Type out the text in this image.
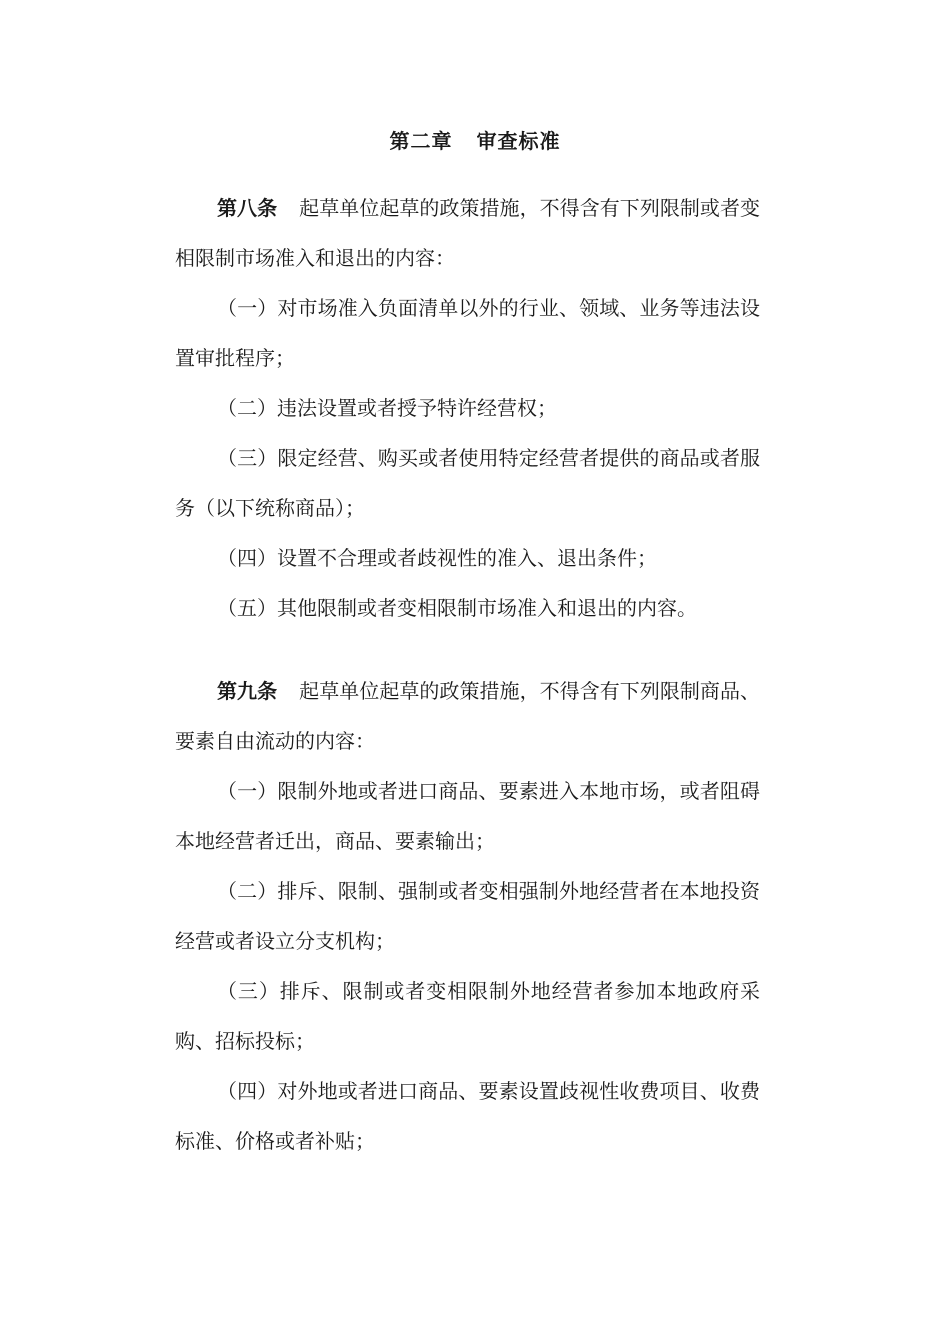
第二章 审查标准

第八条 起草单位起草的政策措施，不得含有下列限制或者变相限制市场准入和退出的内容：

（一）对市场准入负面清单以外的行业、领域、业务等违法设置审批程序；

（二）违法设置或者授予特许经营权；

（三）限定经营、购买或者使用特定经营者提供的商品或者服务（以下统称商品）；

（四）设置不合理或者歧视性的准入、退出条件；

（五）其他限制或者变相限制市场准入和退出的内容。

第九条 起草单位起草的政策措施，不得含有下列限制商品、要素自由流动的内容：

（一）限制外地或者进口商品、要素进入本地市场，或者阻碍本地经营者迁出，商品、要素输出；

（二）排斥、限制、强制或者变相强制外地经营者在本地投资经营或者设立分支机构；

（三）排斥、限制或者变相限制外地经营者参加本地政府采购、招标投标；

（四）对外地或者进口商品、要素设置歧视性收费项目、收费标准、价格或者补贴；
